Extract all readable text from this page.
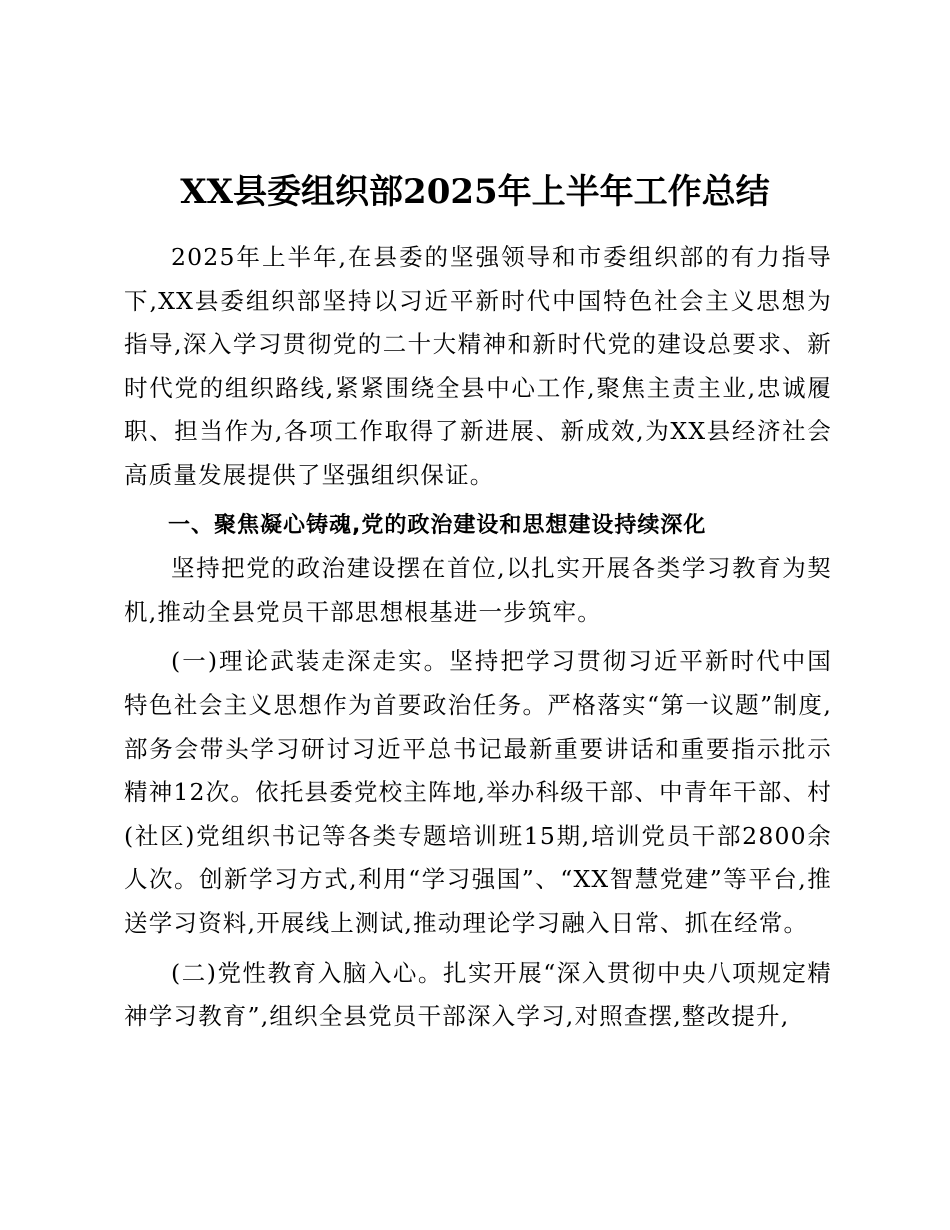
XX县委组织部2025年上半年工作总结

2025年上半年,在县委的坚强领导和市委组织部的有力指导下,XX县委组织部坚持以习近平新时代中国特色社会主义思想为指导,深入学习贯彻党的二十大精神和新时代党的建设总要求、新时代党的组织路线,紧紧围绕全县中心工作,聚焦主责主业,忠诚履职、担当作为,各项工作取得了新进展、新成效,为XX县经济社会高质量发展提供了坚强组织保证。

一、聚焦凝心铸魂,党的政治建设和思想建设持续深化

坚持把党的政治建设摆在首位,以扎实开展各类学习教育为契机,推动全县党员干部思想根基进一步筑牢。

(一)理论武装走深走实。坚持把学习贯彻习近平新时代中国特色社会主义思想作为首要政治任务。严格落实“第一议题”制度,部务会带头学习研讨习近平总书记最新重要讲话和重要指示批示精神12次。依托县委党校主阵地,举办科级干部、中青年干部、村(社区)党组织书记等各类专题培训班15期,培训党员干部2800余人次。创新学习方式,利用“学习强国”、“XX智慧党建”等平台,推送学习资料,开展线上测试,推动理论学习融入日常、抓在经常。

(二)党性教育入脑入心。扎实开展“深入贯彻中央八项规定精神学习教育”,组织全县党员干部深入学习,对照查摆,整改提升,
